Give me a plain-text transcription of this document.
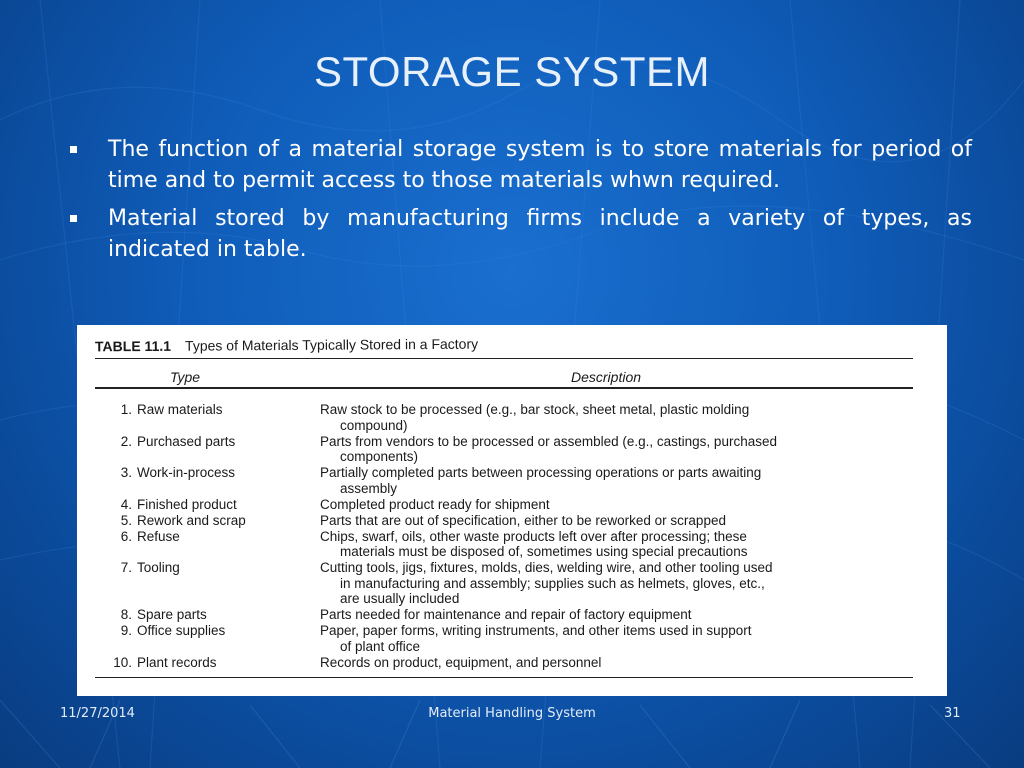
STORAGE SYSTEM
The function of a material storage system is to store materials for period of time and to permit access to those materials whwn required.
Material stored by manufacturing firms include a variety of types, as indicated in table.
TABLE 11.1 Types of Materials Typically Stored in a Factory
Type	Description
1. Raw materials	Raw stock to be processed (e.g., bar stock, sheet metal, plastic molding
compound)
2. Purchased parts	Parts from vendors to be processed or assembled (e.g., castings, purchased
components)
3. Work-in-process	Partially completed parts between processing operations or parts awaiting
assembly
4. Finished product	Completed product ready for shipment
5. Rework and scrap	Parts that are out of specification, either to be reworked or scrapped
6. Refuse	Chips, swarf, oils, other waste products left over after processing; these
materials must be disposed of, sometimes using special precautions
7. Tooling	Cutting tools, jigs, fixtures, molds, dies, welding wire, and other tooling used
in manufacturing and assembly; supplies such as helmets, gloves, etc.,
are usually included
8. Spare parts	Parts needed for maintenance and repair of factory equipment
9. Office supplies	Paper, paper forms, writing instruments, and other items used in support
of plant office
10. Plant records	Records on product, equipment, and personnel
11/27/2014	Material Handling System	31
